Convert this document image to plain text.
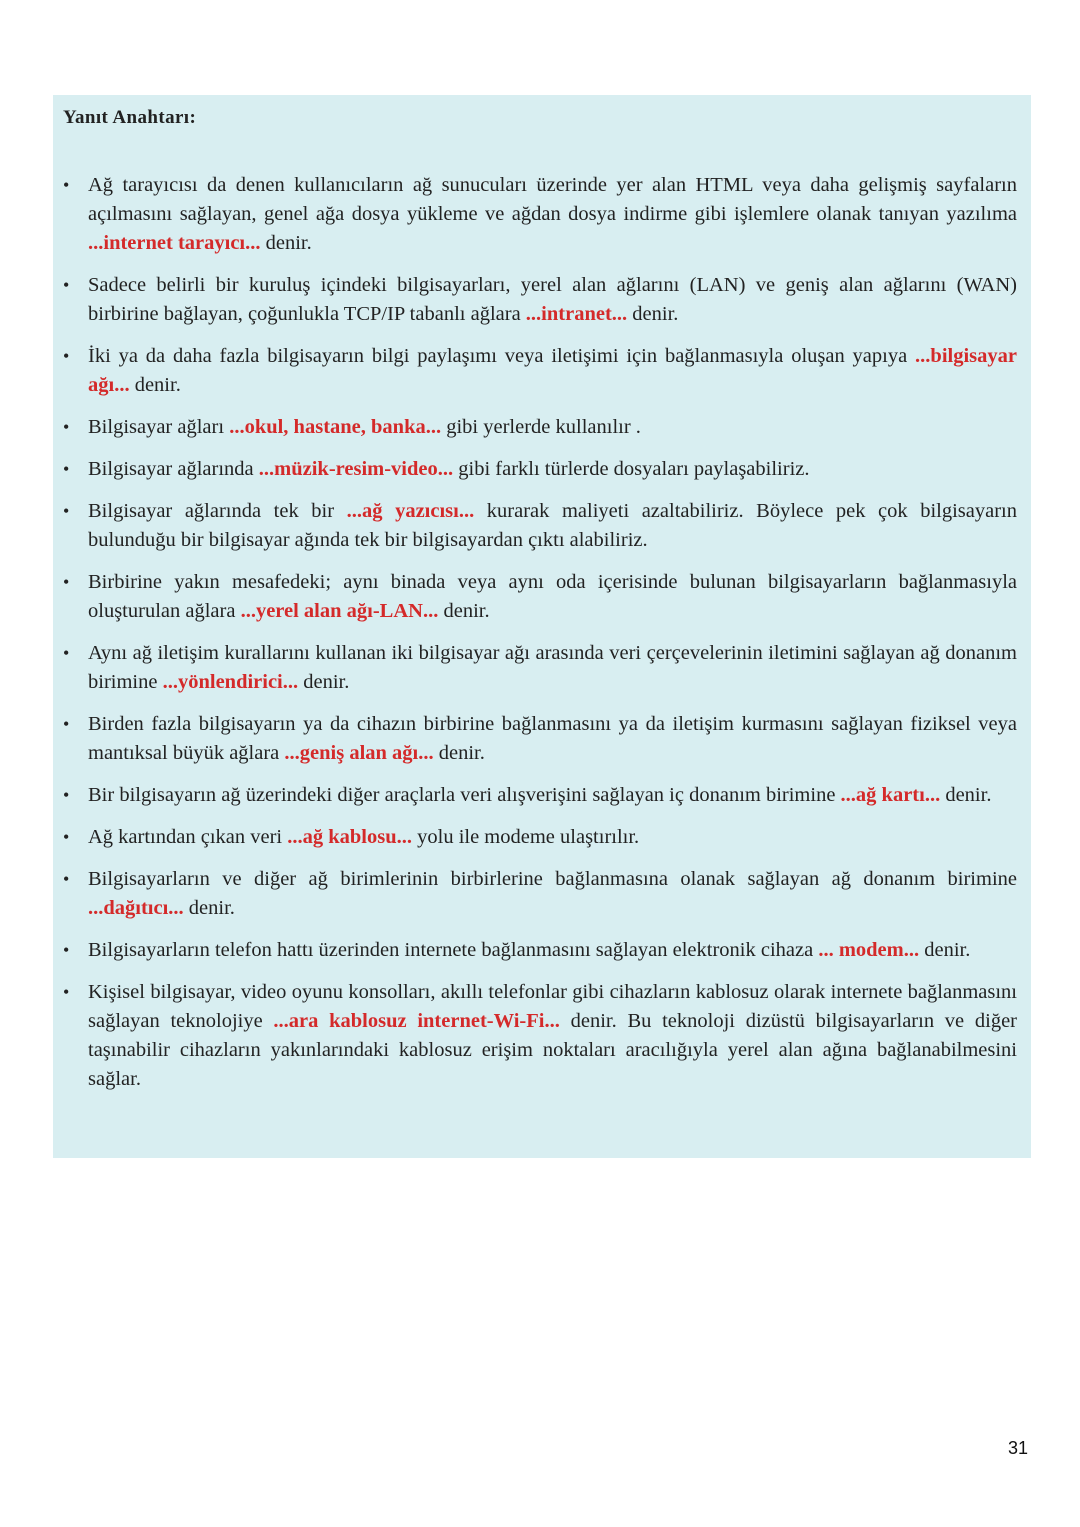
Yanıt Anahtarı:
• Ağ tarayıcısı da denen kullanıcıların ağ sunucuları üzerinde yer alan HTML veya daha gelişmiş sayfaların açılmasını sağlayan, genel ağa dosya yükleme ve ağdan dosya indirme gibi işlemlere olanak tanıyan yazılıma ...internet tarayıcı... denir.
• Sadece belirli bir kuruluş içindeki bilgisayarları, yerel alan ağlarını (LAN) ve geniş alan ağlarını (WAN) birbirine bağlayan, çoğunlukla TCP/IP tabanlı ağlara ...intranet... denir.
• İki ya da daha fazla bilgisayarın bilgi paylaşımı veya iletişimi için bağlanmasıyla oluşan yapıya ...bilgisayar ağı... denir.
• Bilgisayar ağları ...okul, hastane, banka... gibi yerlerde kullanılır .
• Bilgisayar ağlarında ...müzik-resim-video... gibi farklı türlerde dosyaları paylaşabiliriz.
• Bilgisayar ağlarında tek bir ...ağ yazıcısı... kurarak maliyeti azaltabiliriz. Böylece pek çok bilgisayarın bulunduğu bir bilgisayar ağında tek bir bilgisayardan çıktı alabiliriz.
• Birbirine yakın mesafedeki; aynı binada veya aynı oda içerisinde bulunan bilgisayarların bağlanmasıyla oluşturulan ağlara ...yerel alan ağı-LAN... denir.
• Aynı ağ iletişim kurallarını kullanan iki bilgisayar ağı arasında veri çerçevelerinin iletimini sağlayan ağ donanım birimine ...yönlendirici... denir.
• Birden fazla bilgisayarın ya da cihazın birbirine bağlanmasını ya da iletişim kurmasını sağlayan fiziksel veya mantıksal büyük ağlara ...geniş alan ağı... denir.
• Bir bilgisayarın ağ üzerindeki diğer araçlarla veri alışverişini sağlayan iç donanım birimine ...ağ kartı... denir.
• Ağ kartından çıkan veri ...ağ kablosu... yolu ile modeme ulaştırılır.
• Bilgisayarların ve diğer ağ birimlerinin birbirlerine bağlanmasına olanak sağlayan ağ donanım birimine ...dağıtıcı... denir.
• Bilgisayarların telefon hattı üzerinden internete bağlanmasını sağlayan elektronik cihaza ... modem... denir.
• Kişisel bilgisayar, video oyunu konsolları, akıllı telefonlar gibi cihazların kablosuz olarak internete bağlanmasını sağlayan teknolojiye ...ara kablosuz internet-Wi-Fi... denir. Bu teknoloji dizüstü bilgisayarların ve diğer taşınabilir cihazların yakınlarındaki kablosuz erişim noktaları aracılığıyla yerel alan ağına bağlanabilmesini sağlar.
31
